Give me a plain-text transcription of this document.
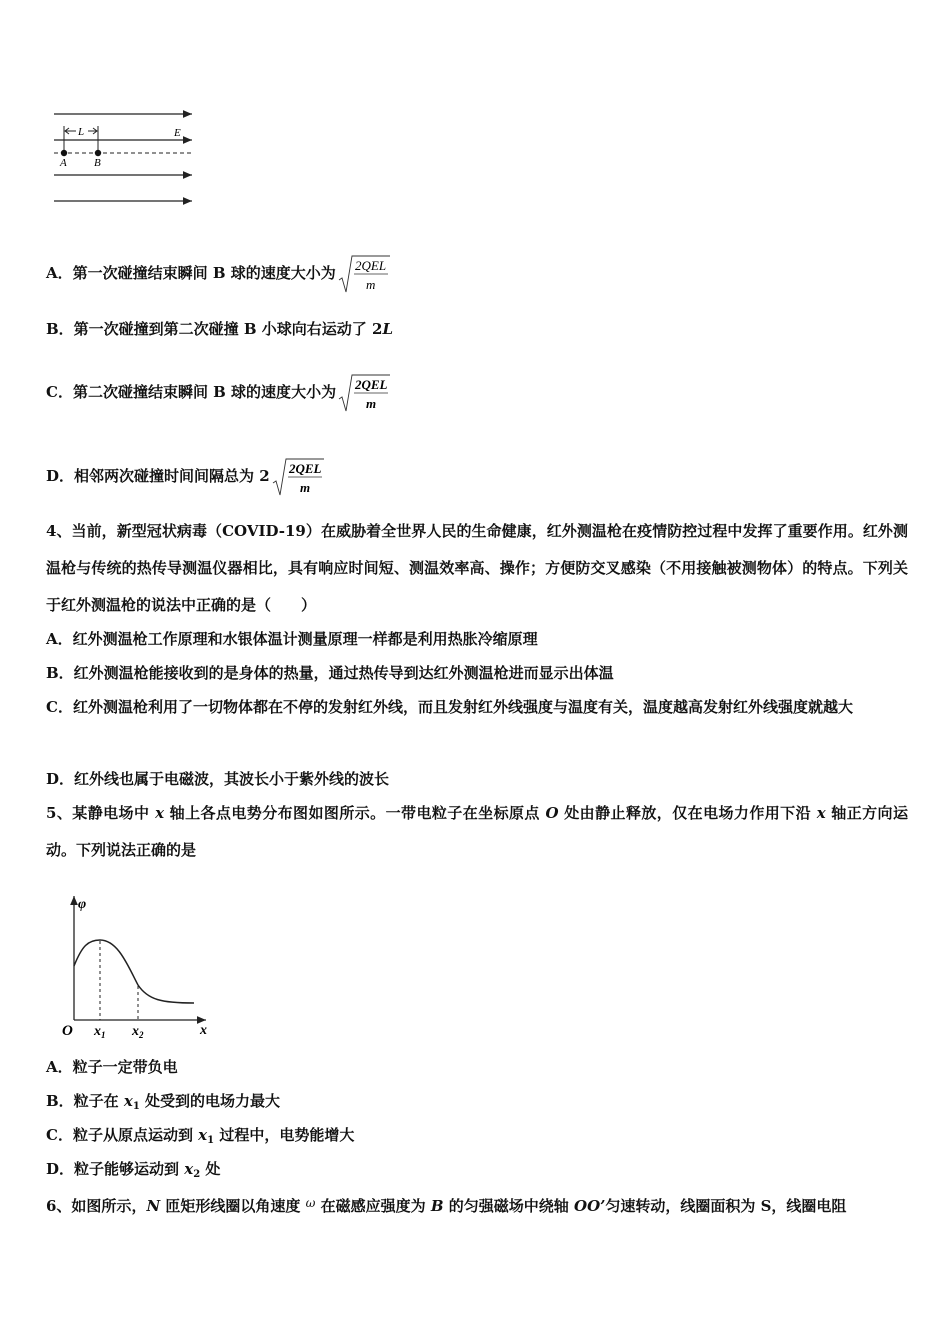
L	E
A B
A．第一次碰撞结束瞬间 B 球的速度大小为 2QEL
m
B．第一次碰撞到第二次碰撞 B 小球向右运动了 2L
C．第二次碰撞结束瞬间 B 球的速度大小为 2QEL
m
D．相邻两次碰撞时间间隔总为 2 2QEL
m
4、当前，新型冠状病毒（COVID-19）在威胁着全世界人民的生命健康，红外测温枪在疫情防控过程中发挥了重要作用。红外测温枪与传统的热传导测温仪器相比，具有响应时间短、测温效率高、操作；方便防交叉感染（不用接触被测物体）的特点。下列关于红外测温枪的说法中正确的是（　　）
A．红外测温枪工作原理和水银体温计测量原理一样都是利用热胀冷缩原理
B．红外测温枪能接收到的是身体的热量，通过热传导到达红外测温枪进而显示出体温
C．红外测温枪利用了一切物体都在不停的发射红外线，而且发射红外线强度与温度有关，温度越高发射红外线强度就越大
D．红外线也属于电磁波，其波长小于紫外线的波长
5、某静电场中 x 轴上各点电势分布图如图所示。一带电粒子在坐标原点 O 处由静止释放，仅在电场力作用下沿 x 轴正方向运动。下列说法正确的是
φ
O $x_1$ $x_2$	x
A．粒子一定带负电
B．粒子在 $x_1$ 处受到的电场力最大
C．粒子从原点运动到 $x_1$ 过程中，电势能增大
D．粒子能够运动到 $x_2$ 处
6、如图所示，N 匝矩形线圈以角速度 $^\omega$ 在磁感应强度为 B 的匀强磁场中绕轴 OO’匀速转动，线圈面积为 S，线圈电阻
